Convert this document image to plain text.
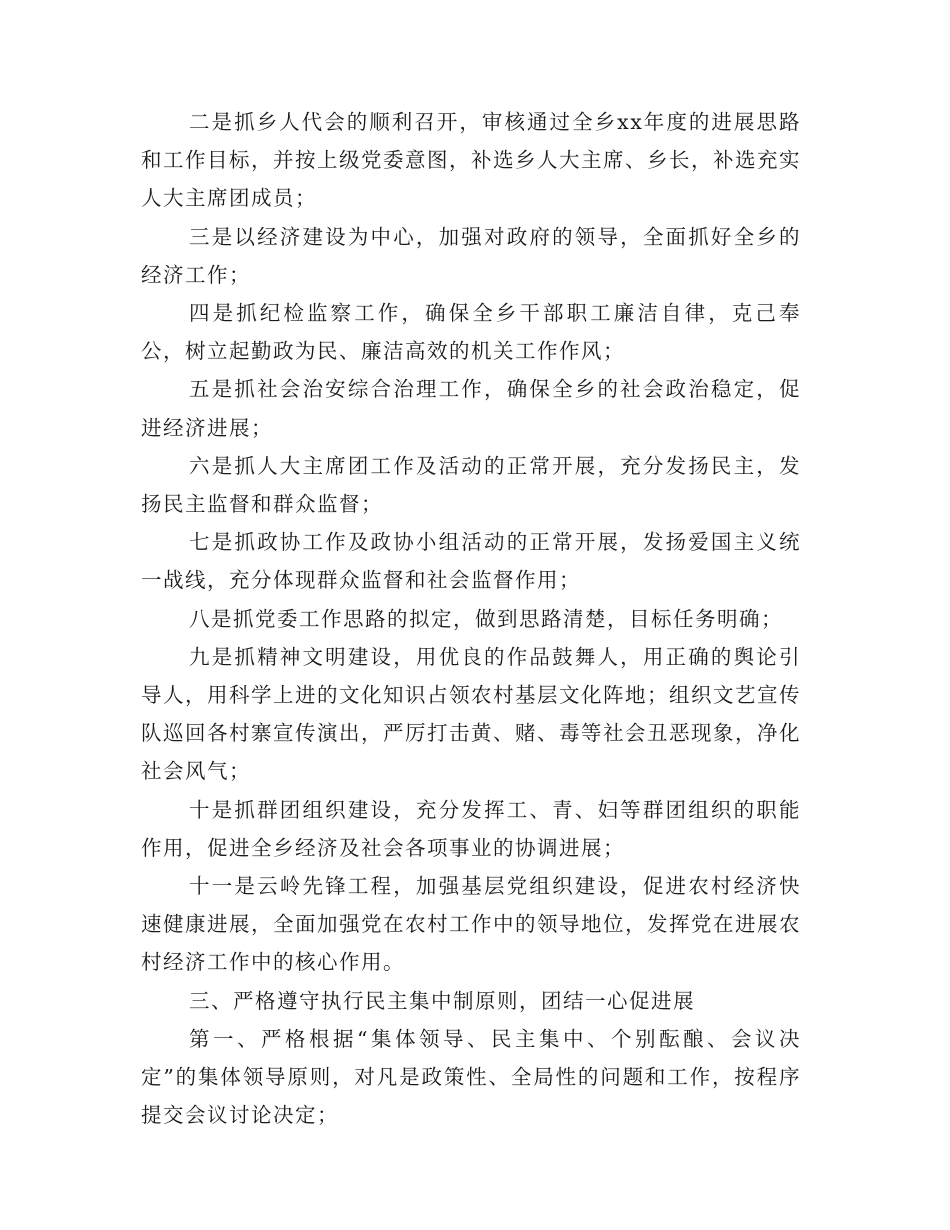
二是抓乡人代会的顺利召开，审核通过全乡xx年度的进展思路和工作目标，并按上级党委意图，补选乡人大主席、乡长，补选充实人大主席团成员；

三是以经济建设为中心，加强对政府的领导，全面抓好全乡的经济工作；

四是抓纪检监察工作，确保全乡干部职工廉洁自律，克己奉公，树立起勤政为民、廉洁高效的机关工作作风；

五是抓社会治安综合治理工作，确保全乡的社会政治稳定，促进经济进展；

六是抓人大主席团工作及活动的正常开展，充分发扬民主，发扬民主监督和群众监督；

七是抓政协工作及政协小组活动的正常开展，发扬爱国主义统一战线，充分体现群众监督和社会监督作用；

八是抓党委工作思路的拟定，做到思路清楚，目标任务明确；

九是抓精神文明建设，用优良的作品鼓舞人，用正确的舆论引导人，用科学上进的文化知识占领农村基层文化阵地；组织文艺宣传队巡回各村寨宣传演出，严厉打击黄、赌、毒等社会丑恶现象，净化社会风气；

十是抓群团组织建设，充分发挥工、青、妇等群团组织的职能作用，促进全乡经济及社会各项事业的协调进展；

十一是云岭先锋工程，加强基层党组织建设，促进农村经济快速健康进展，全面加强党在农村工作中的领导地位，发挥党在进展农村经济工作中的核心作用。

三、严格遵守执行民主集中制原则，团结一心促进展

第一、严格根据“集体领导、民主集中、个别酝酿、会议决定”的集体领导原则，对凡是政策性、全局性的问题和工作，按程序提交会议讨论决定；
